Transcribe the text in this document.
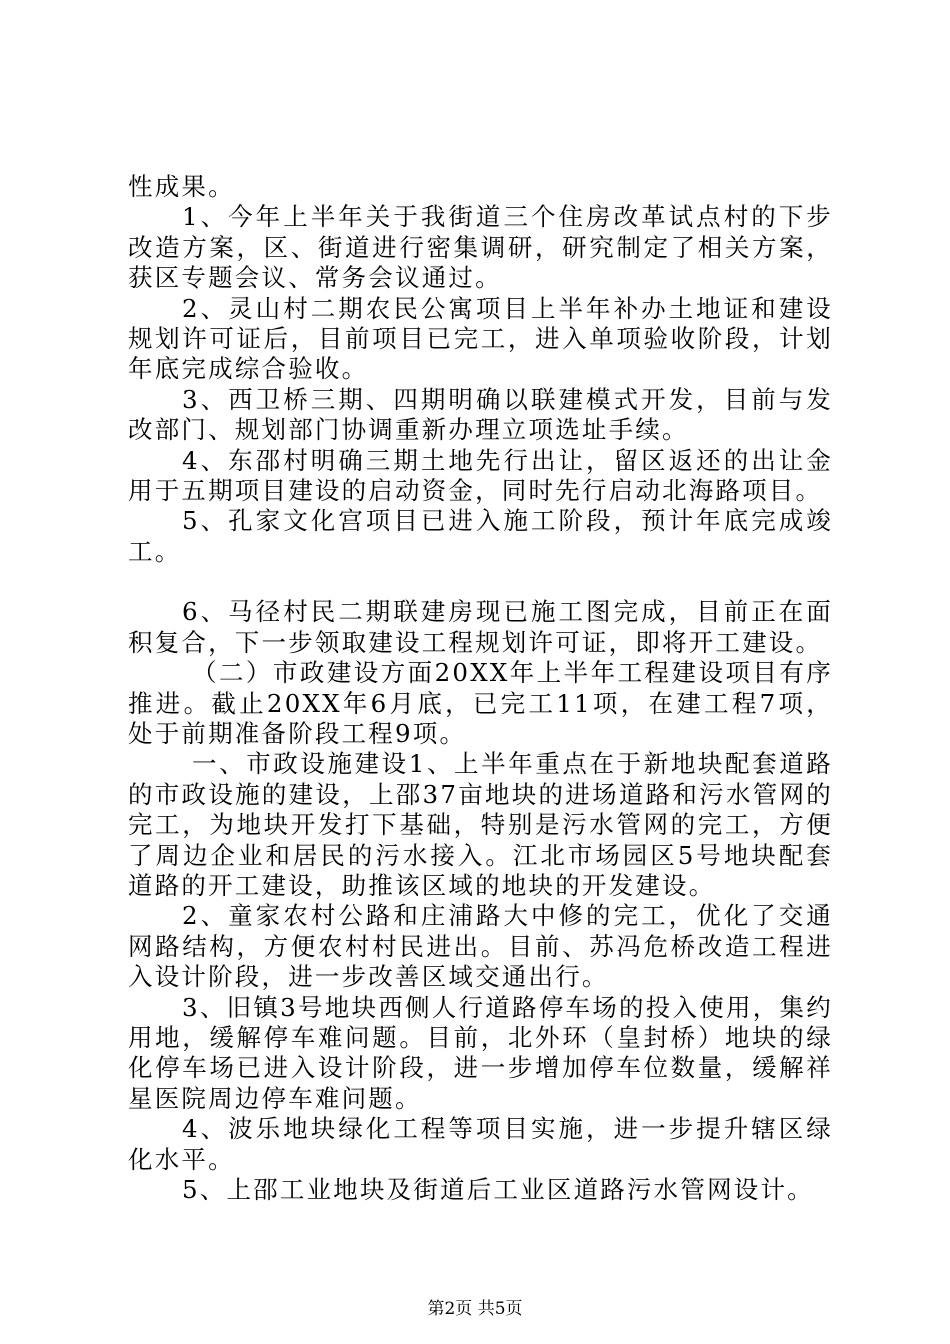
性成果。

1、今年上半年关于我街道三个住房改革试点村的下步改造方案，区、街道进行密集调研，研究制定了相关方案，获区专题会议、常务会议通过。

2、灵山村二期农民公寓项目上半年补办土地证和建设规划许可证后，目前项目已完工，进入单项验收阶段，计划年底完成综合验收。

3、西卫桥三期、四期明确以联建模式开发，目前与发改部门、规划部门协调重新办理立项选址手续。

4、东邵村明确三期土地先行出让，留区返还的出让金用于五期项目建设的启动资金，同时先行启动北海路项目。

5、孔家文化宫项目已进入施工阶段，预计年底完成竣工。

6、马径村民二期联建房现已施工图完成，目前正在面积复合，下一步领取建设工程规划许可证，即将开工建设。

（二）市政建设方面20XX年上半年工程建设项目有序推进。截止20XX年6月底，已完工11项，在建工程7项，处于前期准备阶段工程9项。

一、市政设施建设1、上半年重点在于新地块配套道路的市政设施的建设，上邵37亩地块的进场道路和污水管网的完工，为地块开发打下基础，特别是污水管网的完工，方便了周边企业和居民的污水接入。江北市场园区5号地块配套道路的开工建设，助推该区域的地块的开发建设。

2、童家农村公路和庄浦路大中修的完工，优化了交通网路结构，方便农村村民进出。目前、苏冯危桥改造工程进入设计阶段，进一步改善区域交通出行。

3、旧镇3号地块西侧人行道路停车场的投入使用，集约用地，缓解停车难问题。目前，北外环（皇封桥）地块的绿化停车场已进入设计阶段，进一步增加停车位数量，缓解祥星医院周边停车难问题。

4、波乐地块绿化工程等项目实施，进一步提升辖区绿化水平。

5、上邵工业地块及街道后工业区道路污水管网设计。

第2页 共5页
